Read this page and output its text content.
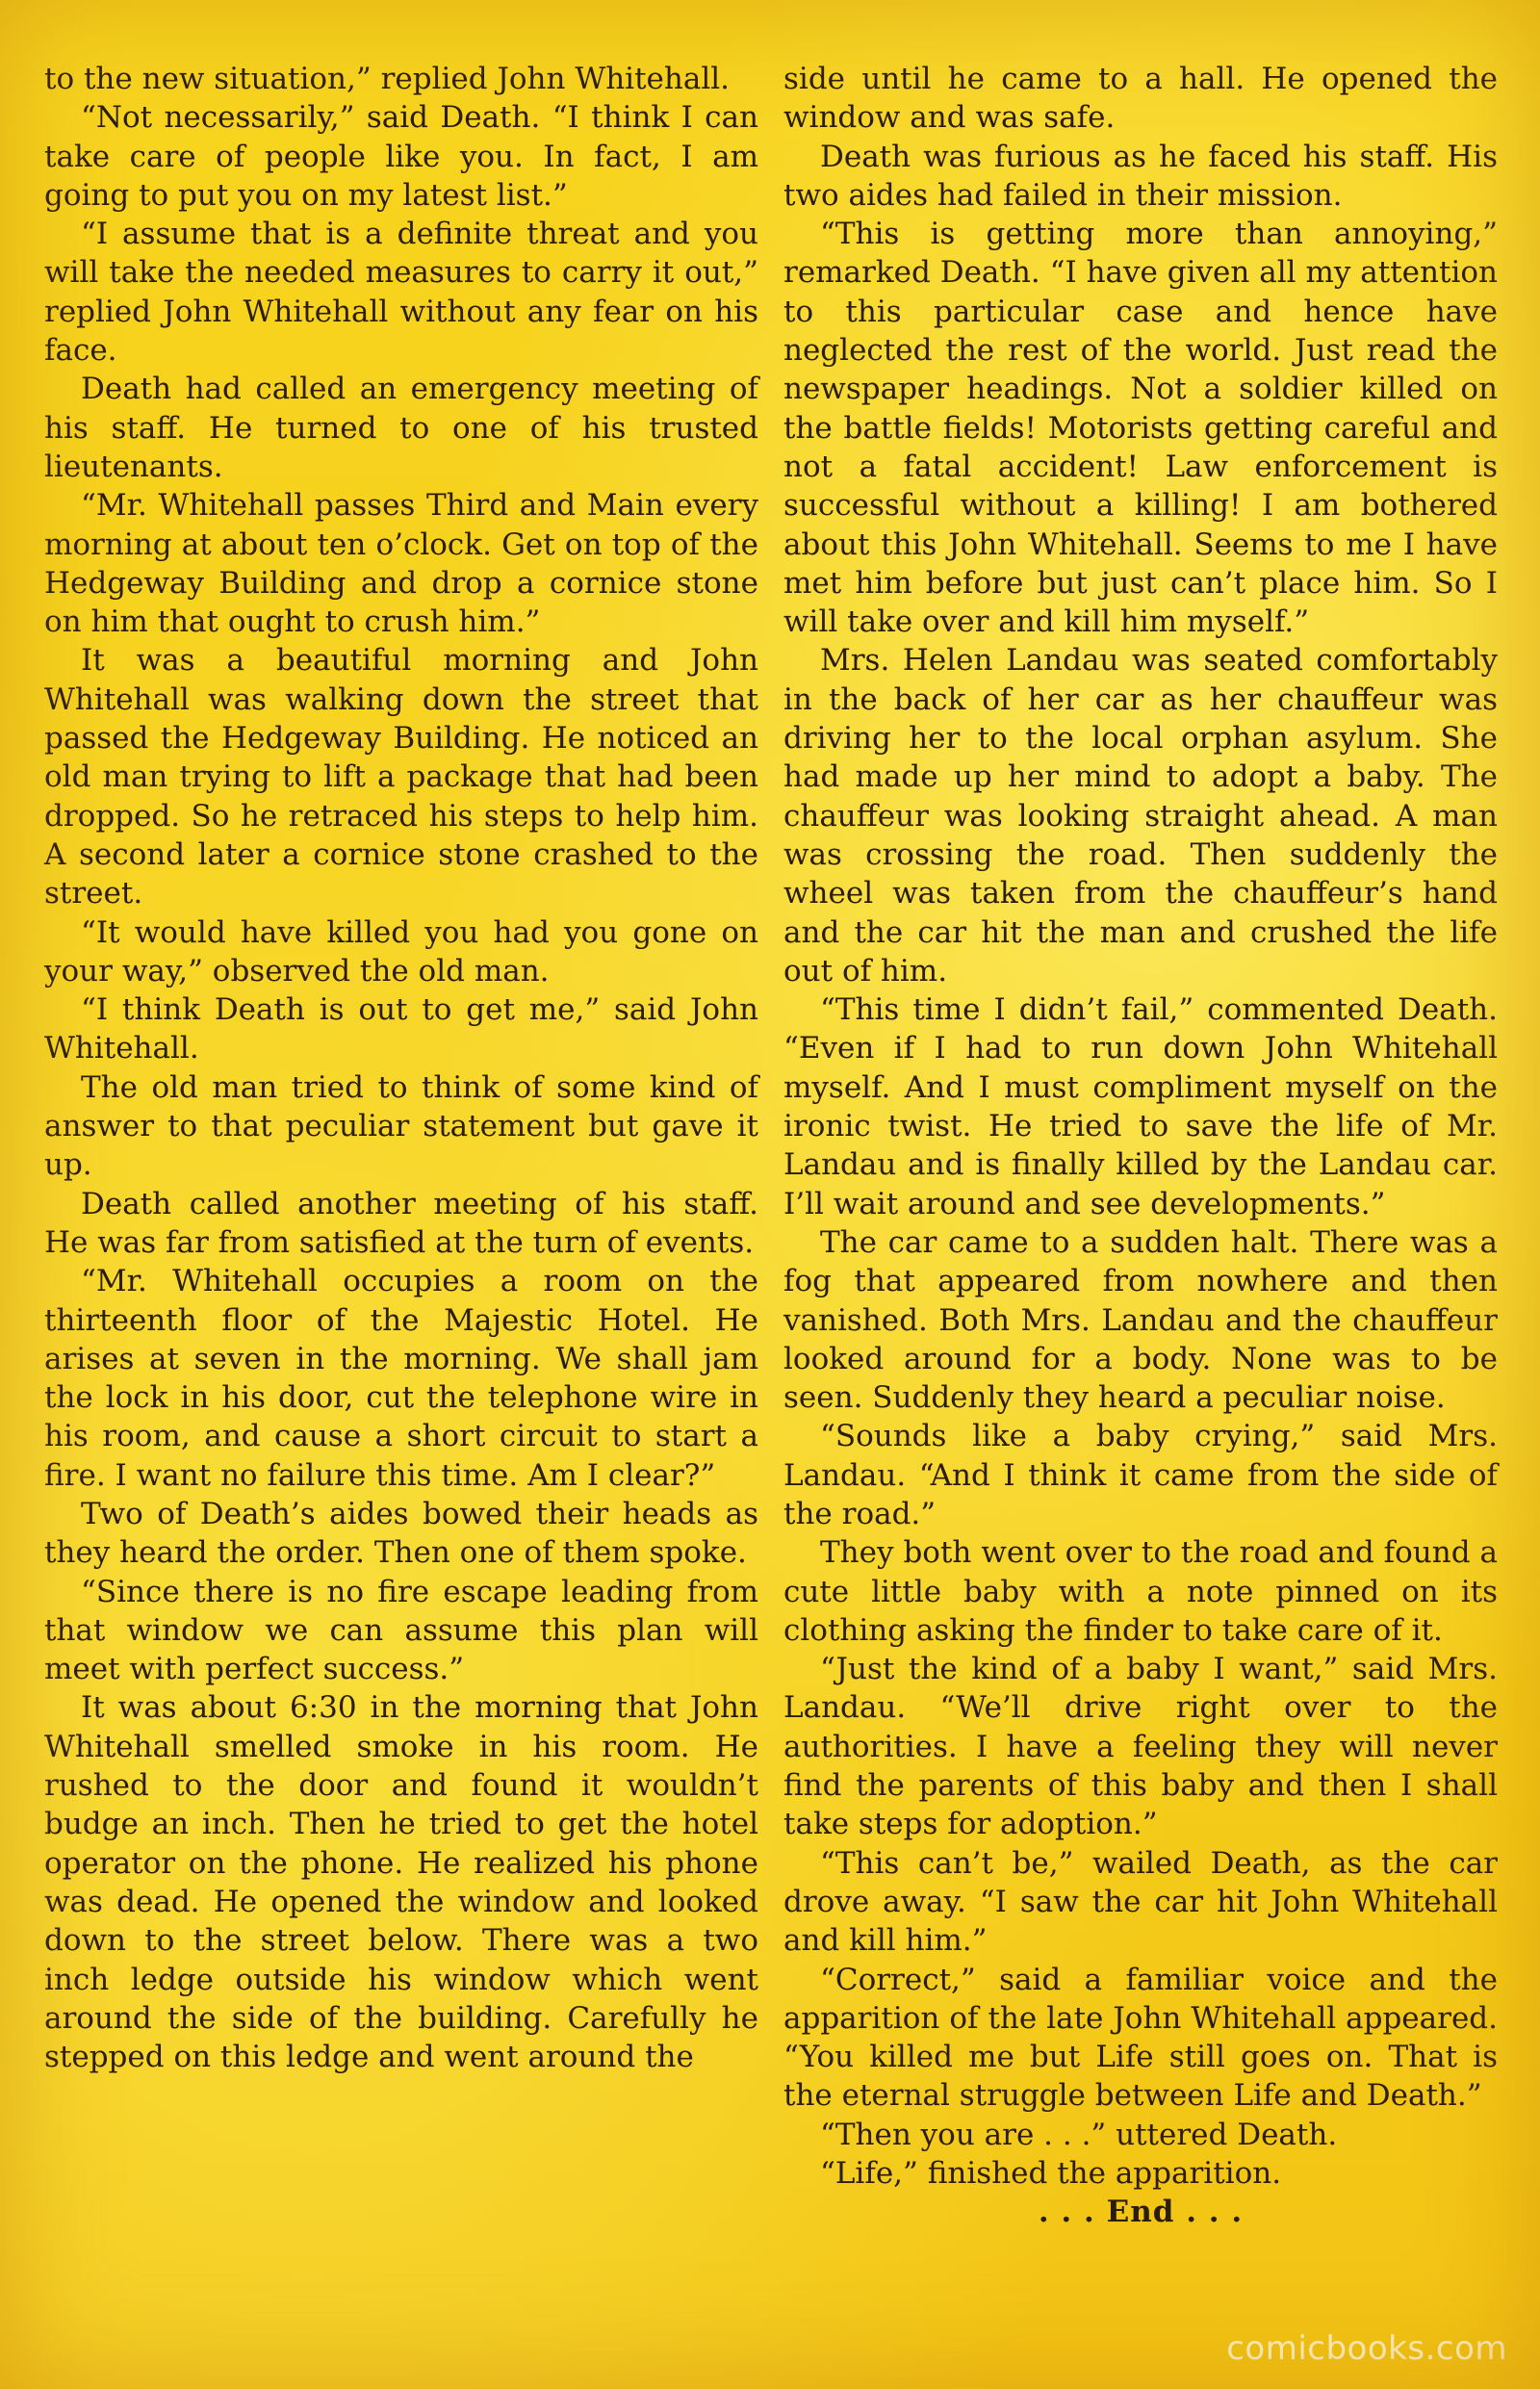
to the new situation,” replied John Whitehall.

“Not necessarily,” said Death. “I think I can take care of people like you. In fact, I am going to put you on my latest list.”

“I assume that is a definite threat and you will take the needed measures to carry it out,” replied John Whitehall without any fear on his face.

Death had called an emergency meeting of his staff. He turned to one of his trusted lieutenants.

“Mr. Whitehall passes Third and Main every morning at about ten o’clock. Get on top of the Hedgeway Building and drop a cornice stone on him that ought to crush him.”

It was a beautiful morning and John Whitehall was walking down the street that passed the Hedgeway Building. He noticed an old man trying to lift a package that had been dropped. So he retraced his steps to help him. A second later a cornice stone crashed to the street.

“It would have killed you had you gone on your way,” observed the old man.

“I think Death is out to get me,” said John Whitehall.

The old man tried to think of some kind of answer to that peculiar statement but gave it up.

Death called another meeting of his staff. He was far from satisfied at the turn of events.

“Mr. Whitehall occupies a room on the thirteenth floor of the Majestic Hotel. He arises at seven in the morning. We shall jam the lock in his door, cut the telephone wire in his room, and cause a short circuit to start a fire. I want no failure this time. Am I clear?”

Two of Death’s aides bowed their heads as they heard the order. Then one of them spoke.

“Since there is no fire escape leading from that window we can assume this plan will meet with perfect success.”

It was about 6:30 in the morning that John Whitehall smelled smoke in his room. He rushed to the door and found it wouldn’t budge an inch. Then he tried to get the hotel operator on the phone. He realized his phone was dead. He opened the window and looked down to the street below. There was a two inch ledge outside his window which went around the side of the building. Carefully he stepped on this ledge and went around the

side until he came to a hall. He opened the window and was safe.

Death was furious as he faced his staff. His two aides had failed in their mission.

“This is getting more than annoying,” remarked Death. “I have given all my attention to this particular case and hence have neglected the rest of the world. Just read the newspaper headings. Not a soldier killed on the battle fields! Motorists getting careful and not a fatal accident! Law enforcement is successful without a killing! I am bothered about this John Whitehall. Seems to me I have met him before but just can’t place him. So I will take over and kill him myself.”

Mrs. Helen Landau was seated comfortably in the back of her car as her chauffeur was driving her to the local orphan asylum. She had made up her mind to adopt a baby. The chauffeur was looking straight ahead. A man was crossing the road. Then suddenly the wheel was taken from the chauffeur’s hand and the car hit the man and crushed the life out of him.

“This time I didn’t fail,” commented Death. “Even if I had to run down John Whitehall myself. And I must compliment myself on the ironic twist. He tried to save the life of Mr. Landau and is finally killed by the Landau car. I’ll wait around and see developments.”

The car came to a sudden halt. There was a fog that appeared from nowhere and then vanished. Both Mrs. Landau and the chauffeur looked around for a body. None was to be seen. Suddenly they heard a peculiar noise.

“Sounds like a baby crying,” said Mrs. Landau. “And I think it came from the side of the road.”

They both went over to the road and found a cute little baby with a note pinned on its clothing asking the finder to take care of it.

“Just the kind of a baby I want,” said Mrs. Landau. “We’ll drive right over to the authorities. I have a feeling they will never find the parents of this baby and then I shall take steps for adoption.”

“This can’t be,” wailed Death, as the car drove away. “I saw the car hit John Whitehall and kill him.”

“Correct,” said a familiar voice and the apparition of the late John Whitehall appeared. “You killed me but Life still goes on. That is the eternal struggle between Life and Death.”

“Then you are . . .” uttered Death.

“Life,” finished the apparition.

. . . End . . .

comicbooks.com
